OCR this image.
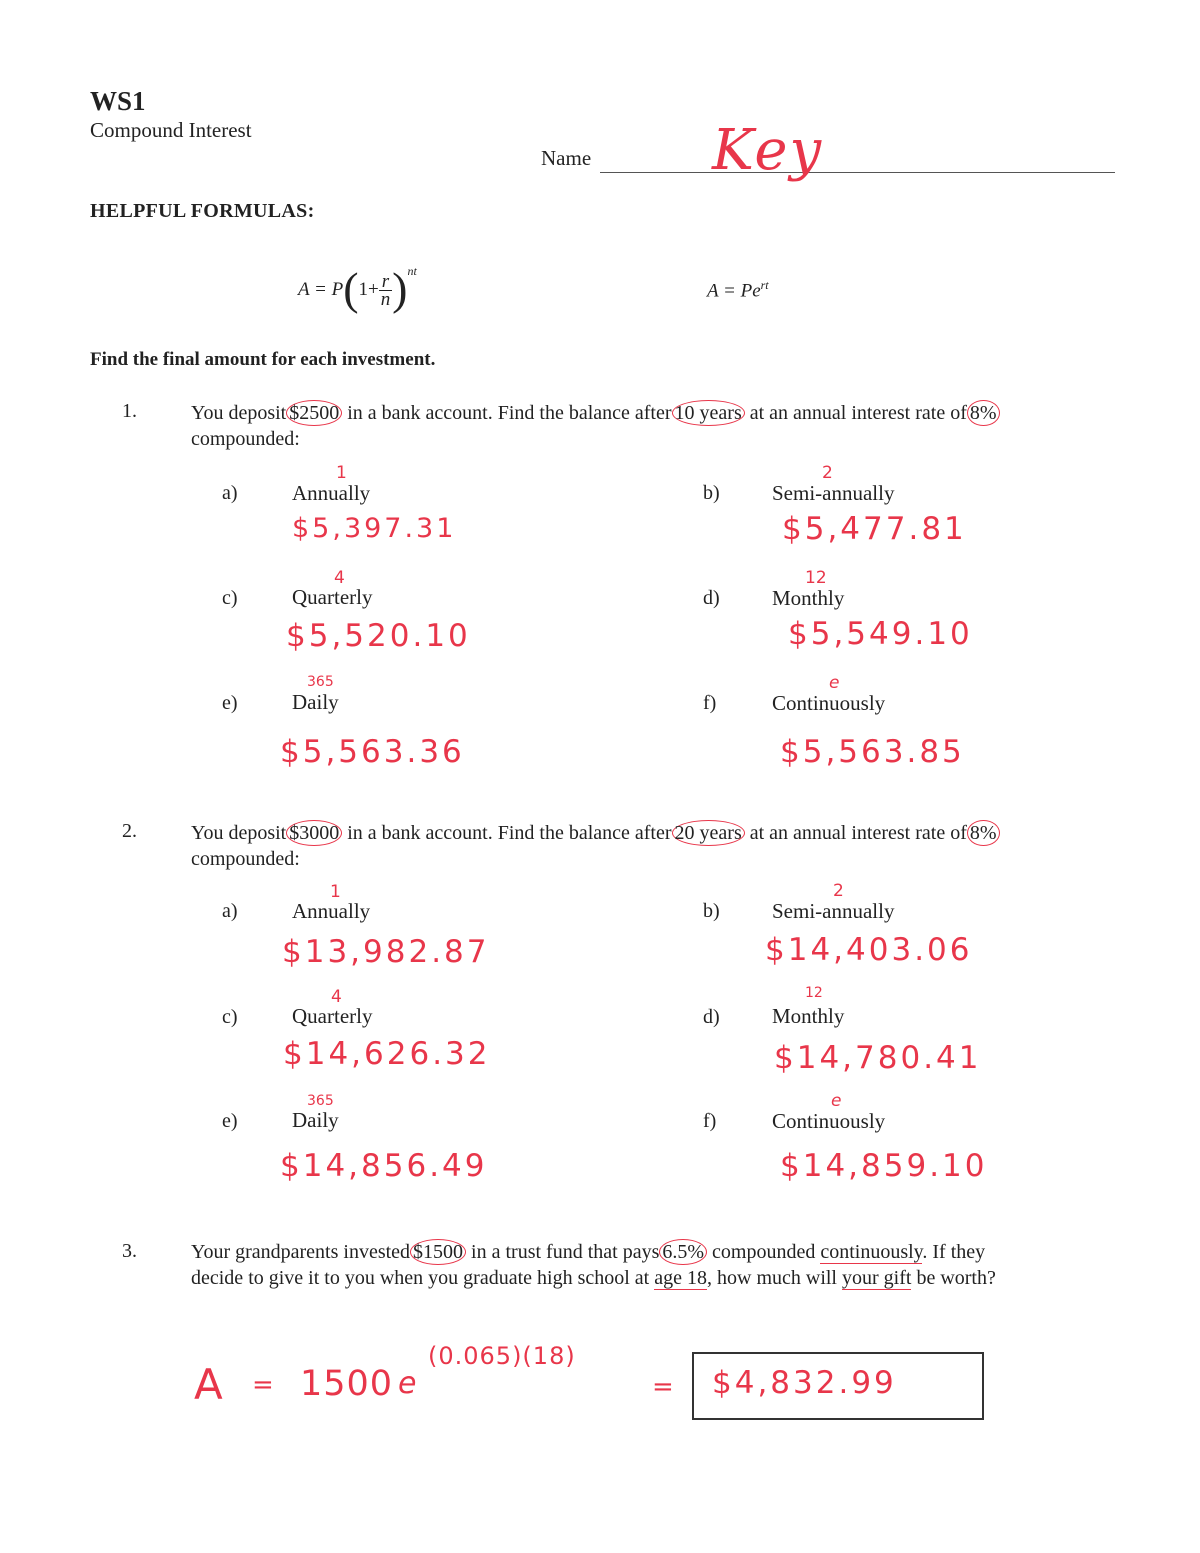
WS1
Compound Interest
Name Key
HELPFUL FORMULAS:
$A = P(1+ \frac{r}{n} )^{nt}$
$A = Pe^{rt}$
Find the final amount for each investment.
1.	You deposit $2500 in a bank account. Find the balance after 10 years at an annual interest rate of 8%
compounded:
a)
1
Annually
$5,397.31
b)
2
Semi-annually
$5,477.81
c)
4
Quarterly
$5,520.10
d)
12
Monthly
$5,549.10
e)
365
Daily
$5,563.36
f)
e
Continuously
$5,563.85
2.	You deposit $3000 in a bank account. Find the balance after 20 years at an annual interest rate of 8%
compounded:
a)
1
Annually
$13,982.87
b)
2
Semi-annually
$14,403.06
c)
4
Quarterly
$14,626.32
d)
12
Monthly
$14,780.41
e)
365
Daily
$14,856.49
f)
e
Continuously
$14,859.10
3.	Your grandparents invested $1500 in a trust fund that pays 6.5% compounded continuously. If they
decide to give it to you when you graduate high school at age 18, how much will your gift be worth?
A = 1500 e
(0.065)(18)
= $4,832.99
